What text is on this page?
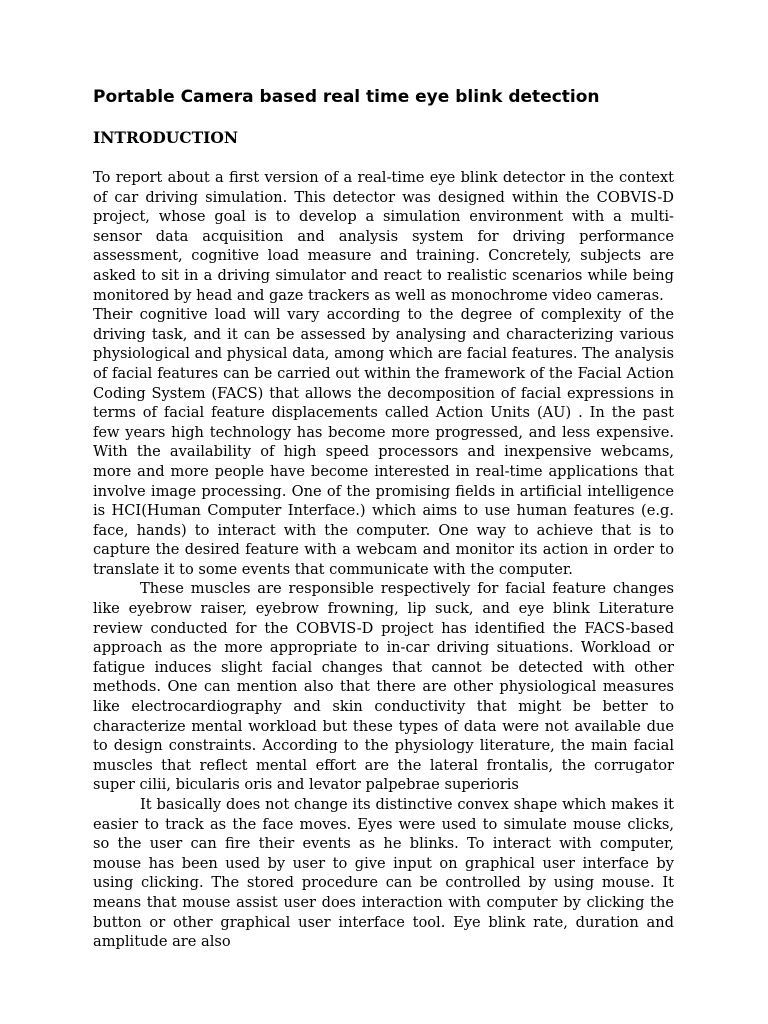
Portable Camera based real time eye blink detection
INTRODUCTION

To report about a first version of a real-time eye blink detector in the context of car driving simulation. This detector was designed within the COBVIS-D project, whose goal is to develop a simulation environment with a multi-sensor data acquisition and analysis system for driving performance assessment, cognitive load measure and training. Concretely, subjects are asked to sit in a driving simulator and react to realistic scenarios while being monitored by head and gaze trackers as well as monochrome video cameras.

Their cognitive load will vary according to the degree of complexity of the driving task, and it can be assessed by analysing and characterizing various physiological and physical data, among which are facial features. The analysis of facial features can be carried out within the framework of the Facial Action Coding System (FACS) that allows the decomposition of facial expressions in terms of facial feature displacements called Action Units (AU) . In the past few years high technology has become more progressed, and less expensive. With the availability of high speed processors and inexpensive webcams, more and more people have become interested in real-time applications that involve image processing. One of the promising fields in artificial intelligence is HCI(Human Computer Interface.) which aims to use human features (e.g. face, hands) to interact with the computer. One way to achieve that is to capture the desired feature with a webcam and monitor its action in order to translate it to some events that communicate with the computer.

These muscles are responsible respectively for facial feature changes like eyebrow raiser, eyebrow frowning, lip suck, and eye blink Literature review conducted for the COBVIS-D project has identified the FACS-based approach as the more appropriate to in-car driving situations. Workload or fatigue induces slight facial changes that cannot be detected with other methods. One can mention also that there are other physiological measures like electrocardiography and skin conductivity that might be better to characterize mental workload but these types of data were not available due to design constraints. According to the physiology literature, the main facial muscles that reflect mental effort are the lateral frontalis, the corrugator super cilii, bicularis oris and levator palpebrae superioris

It basically does not change its distinctive convex shape which makes it easier to track as the face moves. Eyes were used to simulate mouse clicks, so the user can fire their events as he blinks. To interact with computer, mouse has been used by user to give input on graphical user interface by using clicking. The stored procedure can be controlled by using mouse. It means that mouse assist user does interaction with computer by clicking the button or other graphical user interface tool. Eye blink rate, duration and amplitude are also
